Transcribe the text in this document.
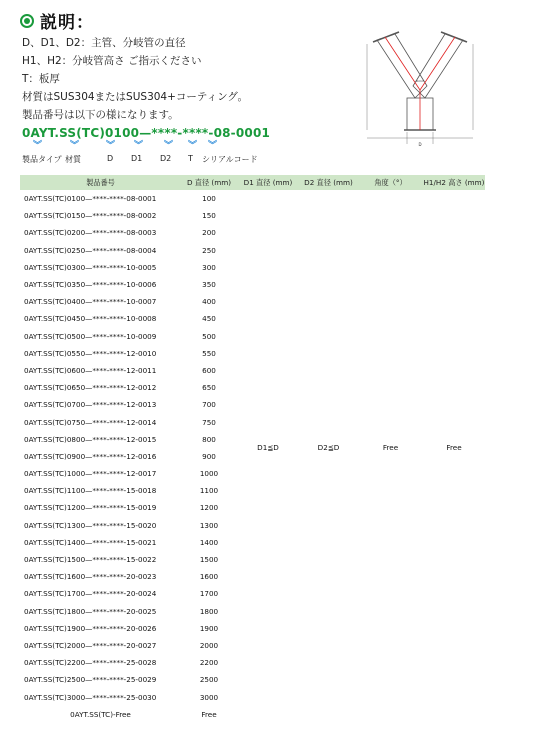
説明：
D、D1、D2：主管、分岐管の直径
H1、H2：分岐管高さ ご指示ください
T：板厚
材質はSUS304またはSUS304+コーティング。
製品番号は以下の様になります。
0AYT.SS(TC)0100—****-****-08-0001
︾	︾	︾ ︾ ︾ ︾ ︾
製品タイプ 材質	D D1 D2 T シリアルコード
D
Dmm
製品番号	D 直径 (mm)	D1 直径 (mm)	D2 直径 (mm)	角度（°）	H1/H2 高さ (mm)
0AYT.SS(TC)0100—****-****-08-0001	100	D1≦D	D2≦D	Free	Free
0AYT.SS(TC)0150—****-****-08-0002	150				
0AYT.SS(TC)0200—****-****-08-0003	200				
0AYT.SS(TC)0250—****-****-08-0004	250				
0AYT.SS(TC)0300—****-****-10-0005	300				
0AYT.SS(TC)0350—****-****-10-0006	350				
0AYT.SS(TC)0400—****-****-10-0007	400				
0AYT.SS(TC)0450—****-****-10-0008	450				
0AYT.SS(TC)0500—****-****-10-0009	500				
0AYT.SS(TC)0550—****-****-12-0010	550				
0AYT.SS(TC)0600—****-****-12-0011	600				
0AYT.SS(TC)0650—****-****-12-0012	650				
0AYT.SS(TC)0700—****-****-12-0013	700				
0AYT.SS(TC)0750—****-****-12-0014	750				
0AYT.SS(TC)0800—****-****-12-0015	800				
0AYT.SS(TC)0900—****-****-12-0016	900				
0AYT.SS(TC)1000—****-****-12-0017	1000				
0AYT.SS(TC)1100—****-****-15-0018	1100				
0AYT.SS(TC)1200—****-****-15-0019	1200				
0AYT.SS(TC)1300—****-****-15-0020	1300				
0AYT.SS(TC)1400—****-****-15-0021	1400				
0AYT.SS(TC)1500—****-****-15-0022	1500				
0AYT.SS(TC)1600—****-****-20-0023	1600				
0AYT.SS(TC)1700—****-****-20-0024	1700				
0AYT.SS(TC)1800—****-****-20-0025	1800				
0AYT.SS(TC)1900—****-****-20-0026	1900				
0AYT.SS(TC)2000—****-****-20-0027	2000				
0AYT.SS(TC)2200—****-****-25-0028	2200				
0AYT.SS(TC)2500—****-****-25-0029	2500				
0AYT.SS(TC)3000—****-****-25-0030	3000				
0AYT.SS(TC)-Free	Free				
